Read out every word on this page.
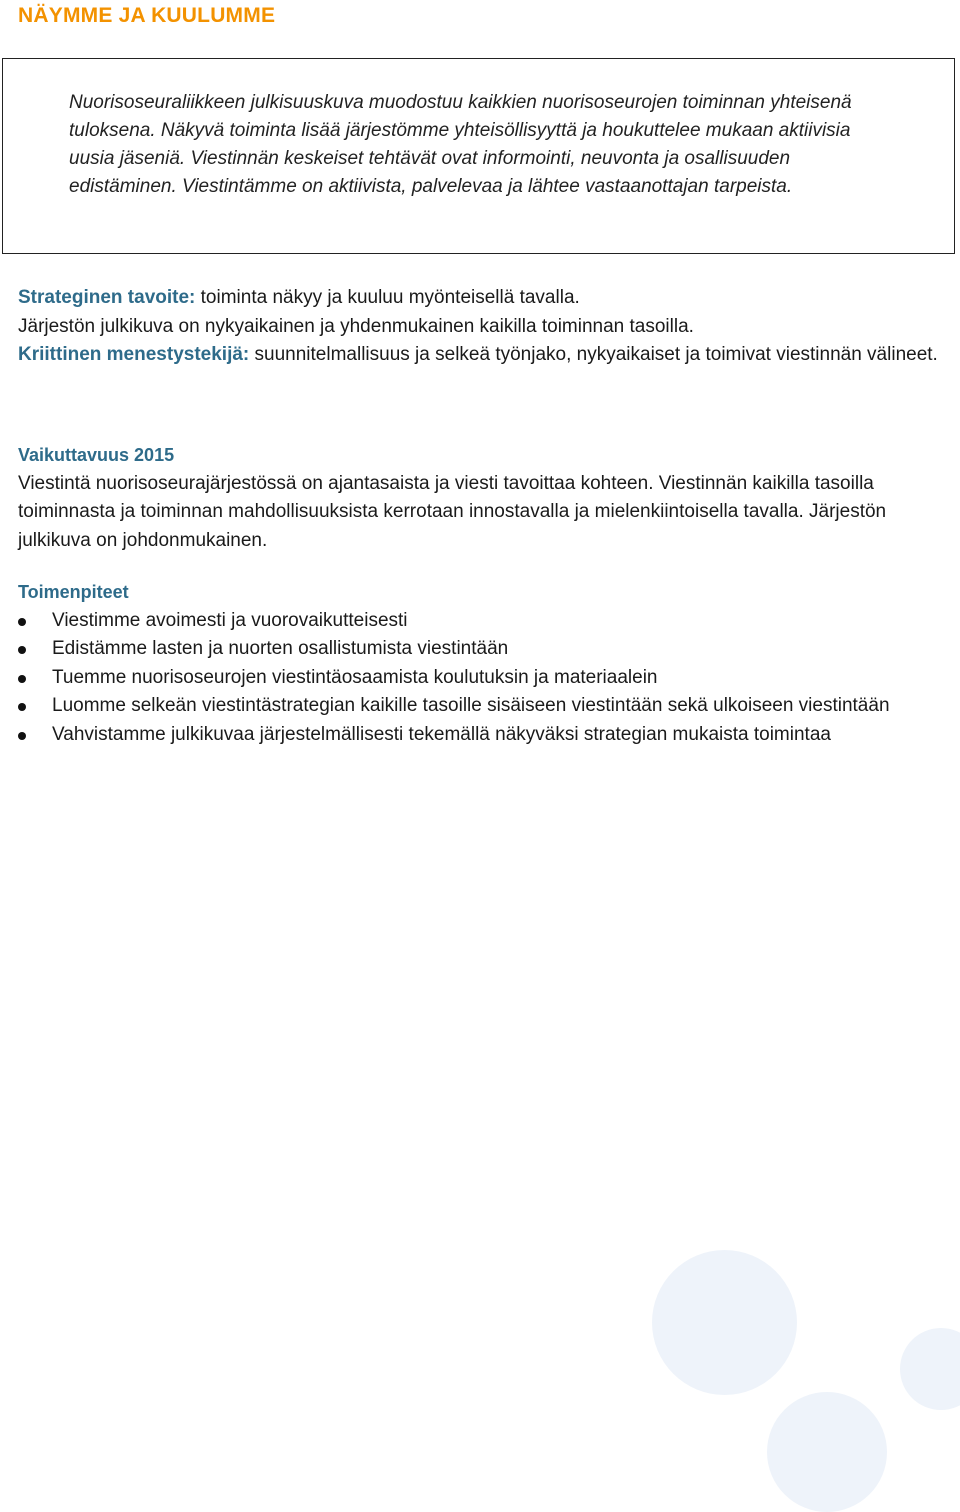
NÄYMME JA KUULUMME
Nuorisoseuraliikkeen julkisuuskuva muodostuu kaikkien nuorisoseurojen toiminnan yhteisenä tuloksena. Näkyvä toiminta lisää järjestömme yhteisöllisyyttä ja houkuttelee mukaan aktiivisia uusia jäseniä. Viestinnän keskeiset tehtävät ovat informointi, neuvonta ja osallisuuden edistäminen. Viestintämme on aktiivista, palvelevaa ja lähtee vastaanottajan tarpeista.
Strateginen tavoite: toiminta näkyy ja kuuluu myönteisellä tavalla.
Järjestön julkikuva on nykyaikainen ja yhdenmukainen kaikilla toiminnan tasoilla.
Kriittinen menestystekijä: suunnitelmallisuus ja selkeä työnjako, nykyaikaiset ja toimivat viestinnän välineet.
Vaikuttavuus 2015
Viestintä nuorisoseurajärjestössä on ajantasaista ja viesti tavoittaa kohteen. Viestinnän kaikilla tasoilla toiminnasta ja toiminnan mahdollisuuksista kerrotaan innostavalla ja mielenkiintoisella tavalla. Järjestön julkikuva on johdonmukainen.
Toimenpiteet
Viestimme avoimesti ja vuorovaikutteisesti
Edistämme lasten ja nuorten osallistumista viestintään
Tuemme nuorisoseurojen viestintäosaamista koulutuksin ja materiaalein
Luomme selkeän viestintästrategian kaikille tasoille sisäiseen viestintään sekä ulkoiseen viestintään
Vahvistamme julkikuvaa järjestelmällisesti tekemällä näkyväksi strategian mukaista toimintaa
